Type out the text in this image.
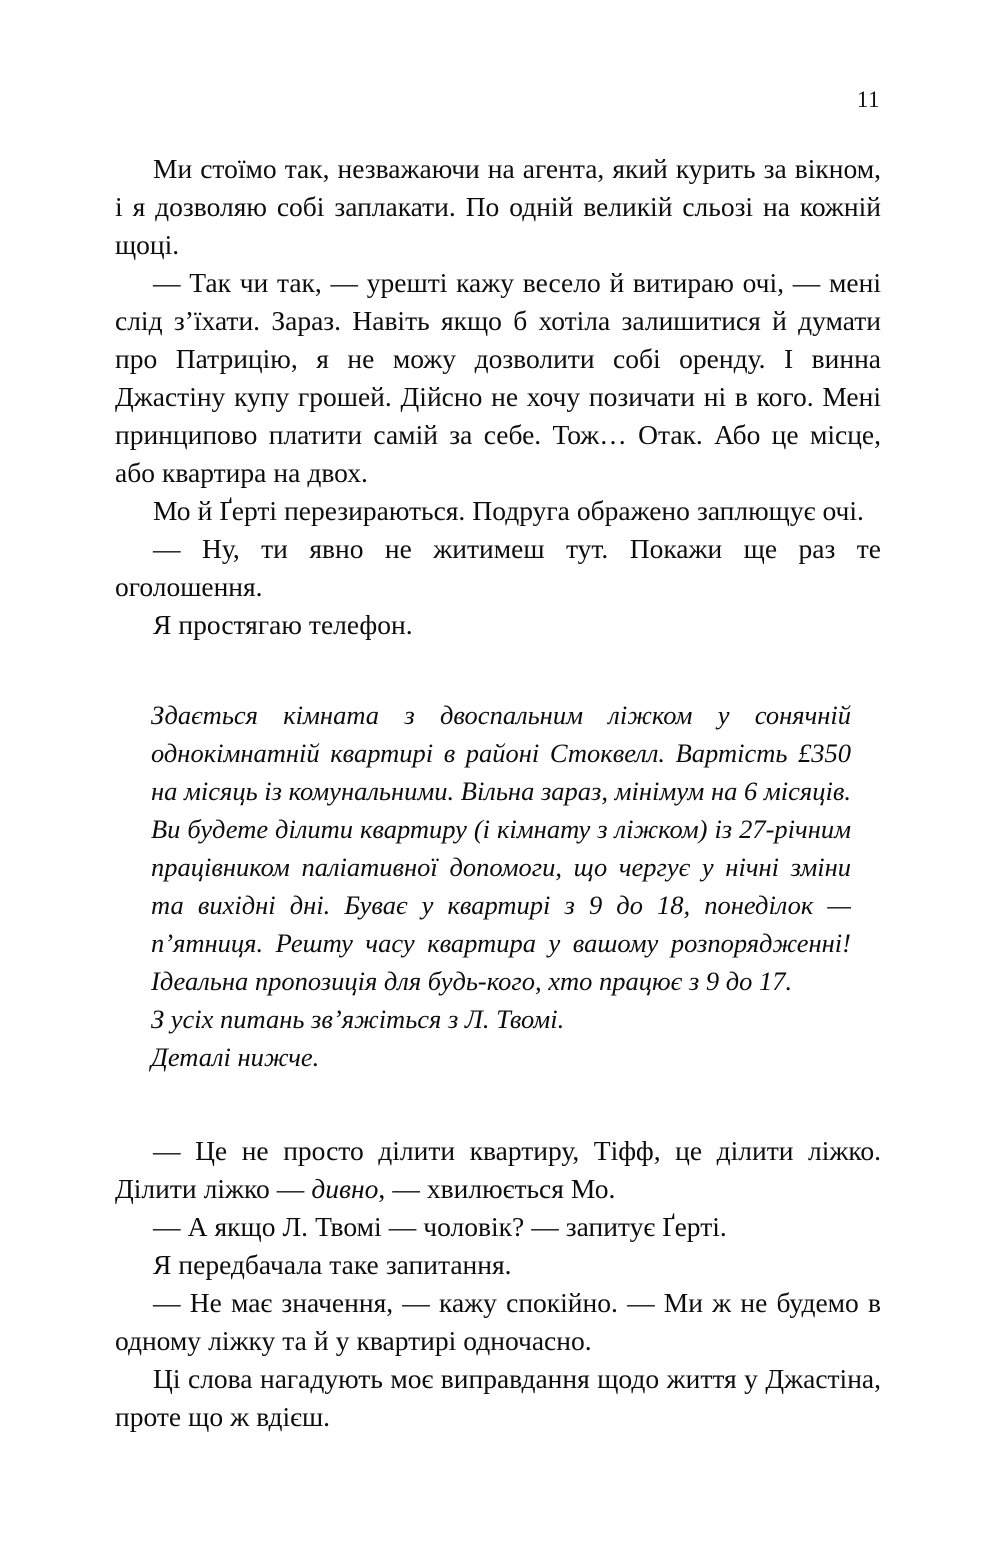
11

Ми стоїмо так, незважаючи на агента, який курить за вікном, і я дозволяю собі заплакати. По одній великій сльозі на кожній щоці.

— Так чи так, — урешті кажу весело й витираю очі, — мені слід з’їхати. Зараз. Навіть якщо б хотіла залишитися й думати про Патрицію, я не можу дозволити собі оренду. І винна Джастіну купу грошей. Дійсно не хочу позичати ні в кого. Мені принципово платити самій за себе. Тож… Отак. Або це місце, або квартира на двох.

Мо й Ґерті перезираються. Подруга ображено заплющує очі.

— Ну, ти явно не житимеш тут. Покажи ще раз те оголошення.

Я простягаю телефон.

Здається кімната з двоспальним ліжком у сонячній однокімнатній квартирі в районі Стоквелл. Вартість £350 на місяць із комунальними. Вільна зараз, мінімум на 6 місяців.

Ви будете ділити квартиру (і кімнату з ліжком) із 27-річним працівником паліативної допомоги, що чергує у нічні зміни та вихідні дні. Буває у квартирі з 9 до 18, понеділок — п’ятниця. Решту часу квартира у вашому розпорядженні! Ідеальна пропозиція для будь-кого, хто працює з 9 до 17.

З усіх питань зв’яжіться з Л. Твомі.

Деталі нижче.

— Це не просто ділити квартиру, Тіфф, це ділити ліжко. Ділити ліжко — дивно, — хвилюється Мо.

— А якщо Л. Твомі — чоловік? — запитує Ґерті.

Я передбачала таке запитання.

— Не має значення, — кажу спокійно. — Ми ж не будемо в одному ліжку та й у квартирі одночасно.

Ці слова нагадують моє виправдання щодо життя у Джастіна, проте що ж вдієш.
